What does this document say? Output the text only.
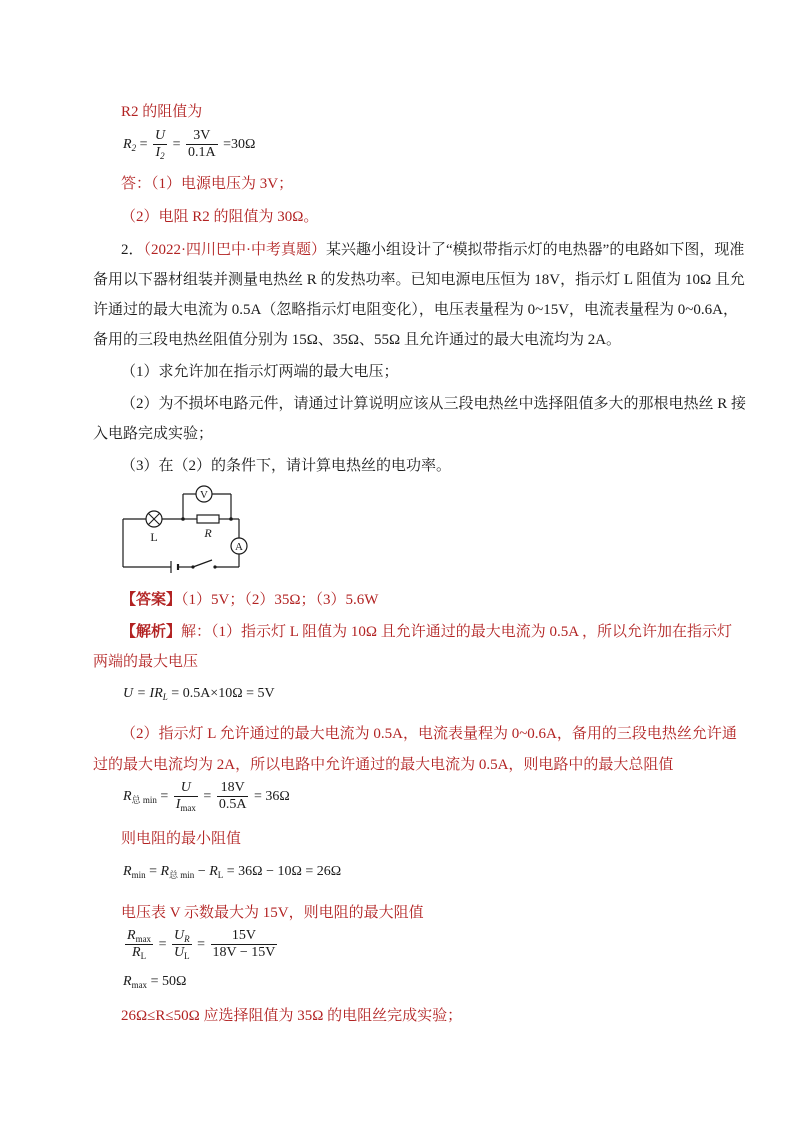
R2 的阻值为
$R_2 = \frac{U}{I_2} = \frac{3V}{0.1A} =30\Omega$
答：（1）电源电压为 3V；
（2）电阻 R2 的阻值为 30Ω。
2．（2022·四川巴中·中考真题）某兴趣小组设计了“模拟带指示灯的电热器”的电路如下图，现准
备用以下器材组装并测量电热丝 R 的发热功率。已知电源电压恒为 18V，指示灯 L 阻值为 10Ω 且允
许通过的最大电流为 0.5A（忽略指示灯电阻变化），电压表量程为 0~15V，电流表量程为 0~0.6A，
备用的三段电热丝阻值分别为 15Ω、35Ω、55Ω 且允许通过的最大电流均为 2A。
（1）求允许加在指示灯两端的最大电压；
（2）为不损坏电路元件，请通过计算说明应该从三段电热丝中选择阻值多大的那根电热丝 R 接
入电路完成实验；
（3）在（2）的条件下，请计算电热丝的电功率。
V
A
L	R
【答案】（1）5V；（2）35Ω；（3）5.6W
【解析】解：（1）指示灯 L 阻值为 10Ω 且允许通过的最大电流为 0.5A ，所以允许加在指示灯
两端的最大电压
$U = IR_L = 0.5A\times 10\Omega = 5V$
（2）指示灯 L 允许通过的最大电流为 0.5A，电流表量程为 0~0.6A，备用的三段电热丝允许通
过的最大电流均为 2A，所以电路中允许通过的最大电流为 0.5A，则电路中的最大总阻值
$R_{总 min} = \frac{U}{I_{max}} = \frac{18V}{0.5A} = 36\Omega$
则电阻的最小阻值
$R_{min} = R_{总 min} - R_L = 36\Omega - 10\Omega = 26\Omega$
电压表 V 示数最大为 15V，则电阻的最大阻值
$\frac{R_{max}}{R_L} = \frac{U_R}{U_L} = \frac{15V}{18V - 15V}$
$R_{max} = 50\Omega$
26Ω≤R≤50Ω 应选择阻值为 35Ω 的电阻丝完成实验；
